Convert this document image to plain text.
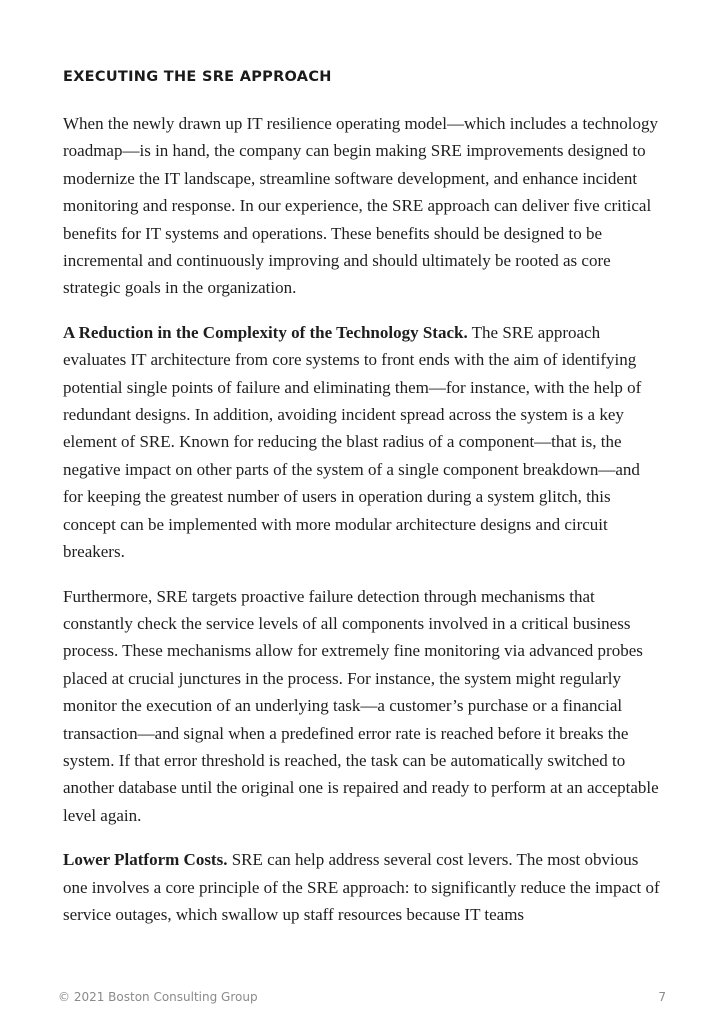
EXECUTING THE SRE APPROACH

When the newly drawn up IT resilience operating model—which includes a technology roadmap—is in hand, the company can begin making SRE improvements designed to modernize the IT landscape, streamline software development, and enhance incident monitoring and response. In our experience, the SRE approach can deliver five critical benefits for IT systems and operations. These benefits should be designed to be incremental and continuously improving and should ultimately be rooted as core strategic goals in the organization.

A Reduction in the Complexity of the Technology Stack. The SRE approach evaluates IT architecture from core systems to front ends with the aim of identifying potential single points of failure and eliminating them—for instance, with the help of redundant designs. In addition, avoiding incident spread across the system is a key element of SRE. Known for reducing the blast radius of a component—that is, the negative impact on other parts of the system of a single component breakdown—and for keeping the greatest number of users in operation during a system glitch, this concept can be implemented with more modular architecture designs and circuit breakers.

Furthermore, SRE targets proactive failure detection through mechanisms that constantly check the service levels of all components involved in a critical business process. These mechanisms allow for extremely fine monitoring via advanced probes placed at crucial junctures in the process. For instance, the system might regularly monitor the execution of an underlying task—a customer’s purchase or a financial transaction—and signal when a predefined error rate is reached before it breaks the system. If that error threshold is reached, the task can be automatically switched to another database until the original one is repaired and ready to perform at an acceptable level again.

Lower Platform Costs. SRE can help address several cost levers. The most obvious one involves a core principle of the SRE approach: to significantly reduce the impact of service outages, which swallow up staff resources because IT teams

© 2021 Boston Consulting Group	7
